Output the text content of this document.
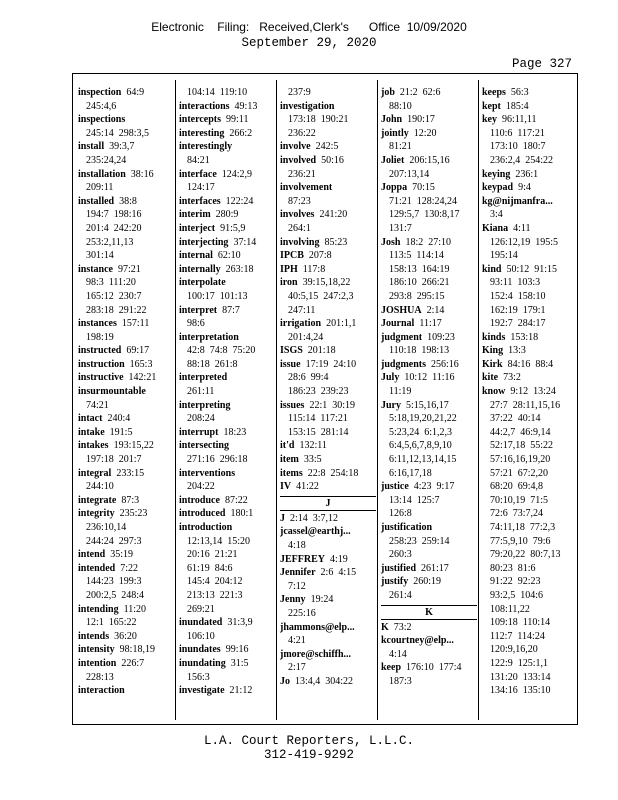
Electronic    Filing:   Received,Clerk's      Office  10/09/2020
September 29, 2020
Page 327
inspection 64:9
245:4,6
inspections
245:14  298:3,5
install 39:3,7
235:24,24
installation 38:16
209:11
installed 38:8
194:7  198:16
201:4  242:20
253:2,11,13
301:14
instance 97:21
98:3  111:20
165:12  230:7
283:18  291:22
instances 157:11
198:19
instructed 69:17
instruction 165:3
instructive 142:21
insurmountable
74:21
intact 240:4
intake 191:5
intakes 193:15,22
197:18  201:7
integral 233:15
244:10
integrate 87:3
integrity 235:23
236:10,14
244:24  297:3
intend 35:19
intended 7:22
144:23  199:3
200:2,5  248:4
intending 11:20
12:1  165:22
intends 36:20
intensity 98:18,19
intention 226:7
228:13
interaction
104:14  119:10
interactions 49:13
intercepts 99:11
interesting 266:2
interestingly
84:21
interface 124:2,9
124:17
interfaces 122:24
interim 280:9
interject 91:5,9
interjecting 37:14
internal 62:10
internally 263:18
interpolate
100:17  101:13
interpret 87:7
98:6
interpretation
42:8  74:8  75:20
88:18  261:8
interpreted
261:11
interpreting
208:24
interrupt 18:23
intersecting
271:16  296:18
interventions
204:22
introduce 87:22
introduced 180:1
introduction
12:13,14  15:20
20:16  21:21
61:19  84:6
145:4  204:12
213:13  221:3
269:21
inundated 31:3,9
106:10
inundates 99:16
inundating 31:5
156:3
investigate 21:12
237:9
investigation
173:18  190:21
236:22
involve 242:5
involved 50:16
236:21
involvement
87:23
involves 241:20
264:1
involving 85:23
IPCB 207:8
IPH 117:8
iron 39:15,18,22
40:5,15  247:2,3
247:11
irrigation 201:1,1
201:4,24
ISGS 201:18
issue 17:19  24:10
28:6  99:4
186:23  239:23
issues 22:1  30:19
115:14  117:21
153:15  281:14
it'd 132:11
item 33:5
items 22:8  254:18
IV 41:22
J
J 2:14  3:7,12
jcassel@earthj...
4:18
JEFFREY 4:19
Jennifer 2:6  4:15
7:12
Jenny 19:24
225:16
jhammons@elp...
4:21
jmore@schiffh...
2:17
Jo 13:4,4  304:22
job 21:2  62:6
88:10
John 190:17
jointly 12:20
81:21
Joliet 206:15,16
207:13,14
Joppa 70:15
71:21  128:24,24
129:5,7  130:8,17
131:7
Josh 18:2  27:10
113:5  114:14
158:13  164:19
186:10  266:21
293:8  295:15
JOSHUA 2:14
Journal 11:17
judgment 109:23
110:18  198:13
judgments 256:16
July 10:12  11:16
11:19
Jury 5:15,16,17
5:18,19,20,21,22
5:23,24  6:1,2,3
6:4,5,6,7,8,9,10
6:11,12,13,14,15
6:16,17,18
justice 4:23  9:17
13:14  125:7
126:8
justification
258:23  259:14
260:3
justified 261:17
justify 260:19
261:4
K
K 73:2
kcourtney@elp...
4:14
keep 176:10  177:4
187:3
keeps 56:3
kept 185:4
key 96:11,11
110:6  117:21
173:10  180:7
236:2,4  254:22
keying 236:1
keypad 9:4
kg@nijmanfra...
3:4
Kiana 4:11
126:12,19  195:5
195:14
kind 50:12  91:15
93:11  103:3
152:4  158:10
162:19  179:1
192:7  284:17
kinds 153:18
King 13:3
Kirk 84:16  88:4
kite 73:2
know 9:12  13:24
27:7  28:11,15,16
37:22  40:14
44:2,7  46:9,14
52:17,18  55:22
57:16,16,19,20
57:21  67:2,20
68:20  69:4,8
70:10,19  71:5
72:6  73:7,24
74:11,18  77:2,3
77:5,9,10  79:6
79:20,22  80:7,13
80:23  81:6
91:22  92:23
93:2,5  104:6
108:11,22
109:18  110:14
112:7  114:24
120:9,16,20
122:9  125:1,1
131:20  133:14
134:16  135:10
L.A. Court Reporters, L.L.C.
312-419-9292
